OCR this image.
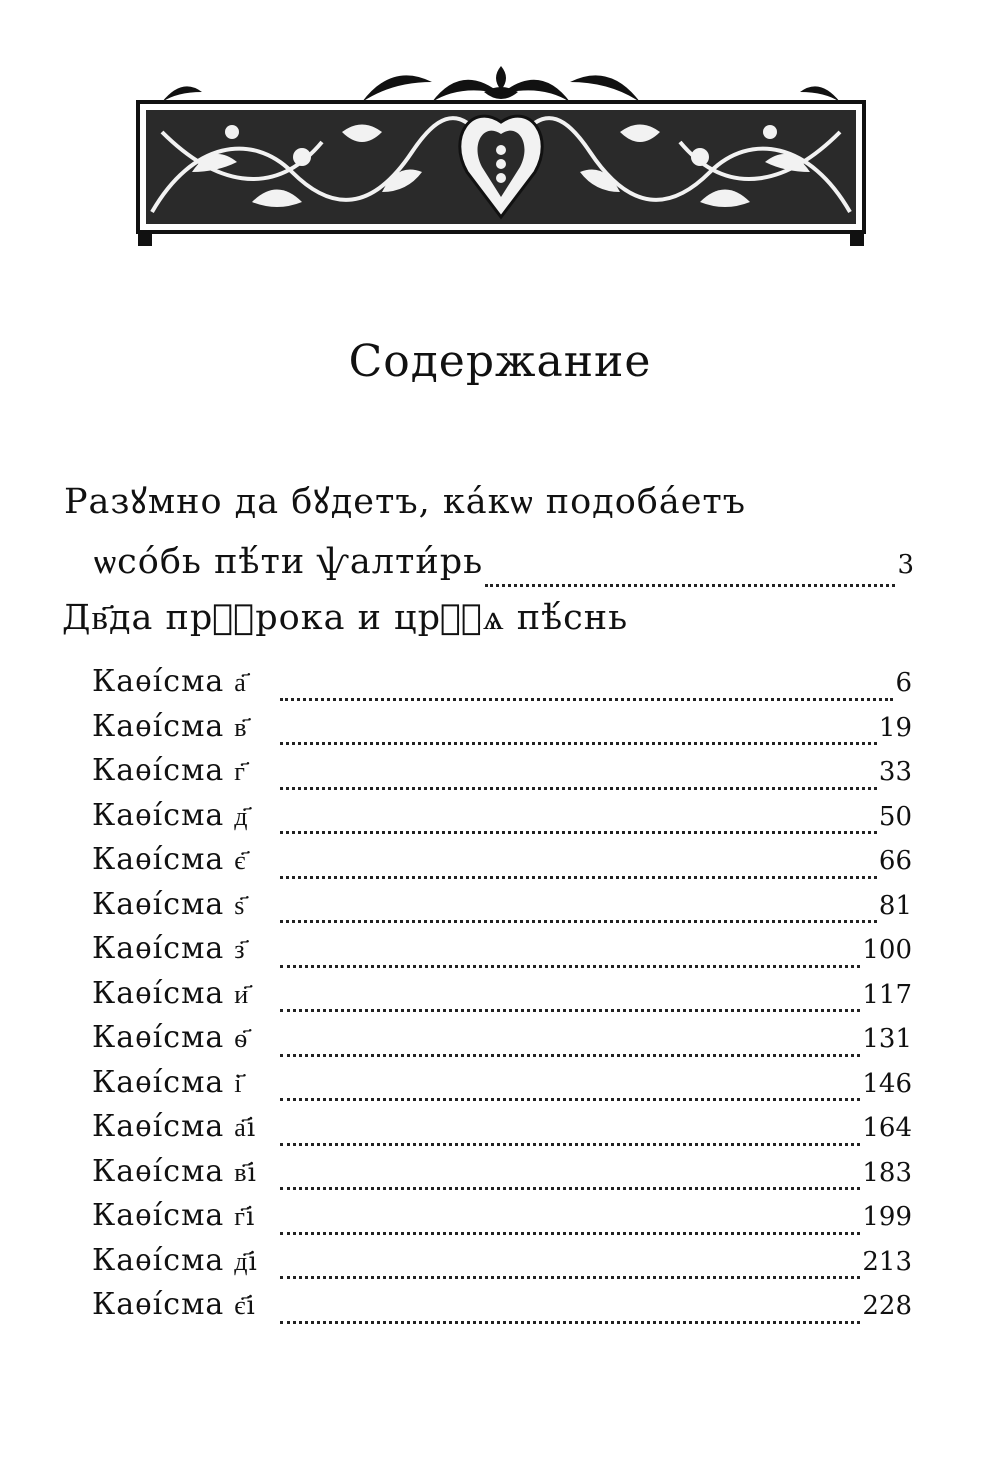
Содержание
Разꙋмно да бꙋдетъ, ка́кѡ подоба́етъ
ѡсо́бь пѣ́ти ѱалти́рь	3
Дв҃да прⷪ҇рока и црⷭ҇ѧ пѣ́снь
Каѳі́сма а҃	6
Каѳі́сма в҃	19
Каѳі́сма г҃	33
Каѳі́сма д҃	50
Каѳі́сма є҃	66
Каѳі́сма ѕ҃	81
Каѳі́сма з҃	100
Каѳі́сма и҃	117
Каѳі́сма ѳ҃	131
Каѳі́сма і҃	146
Каѳі́сма а҃і	164
Каѳі́сма в҃і	183
Каѳі́сма г҃і	199
Каѳі́сма д҃і	213
Каѳі́сма є҃і	228
